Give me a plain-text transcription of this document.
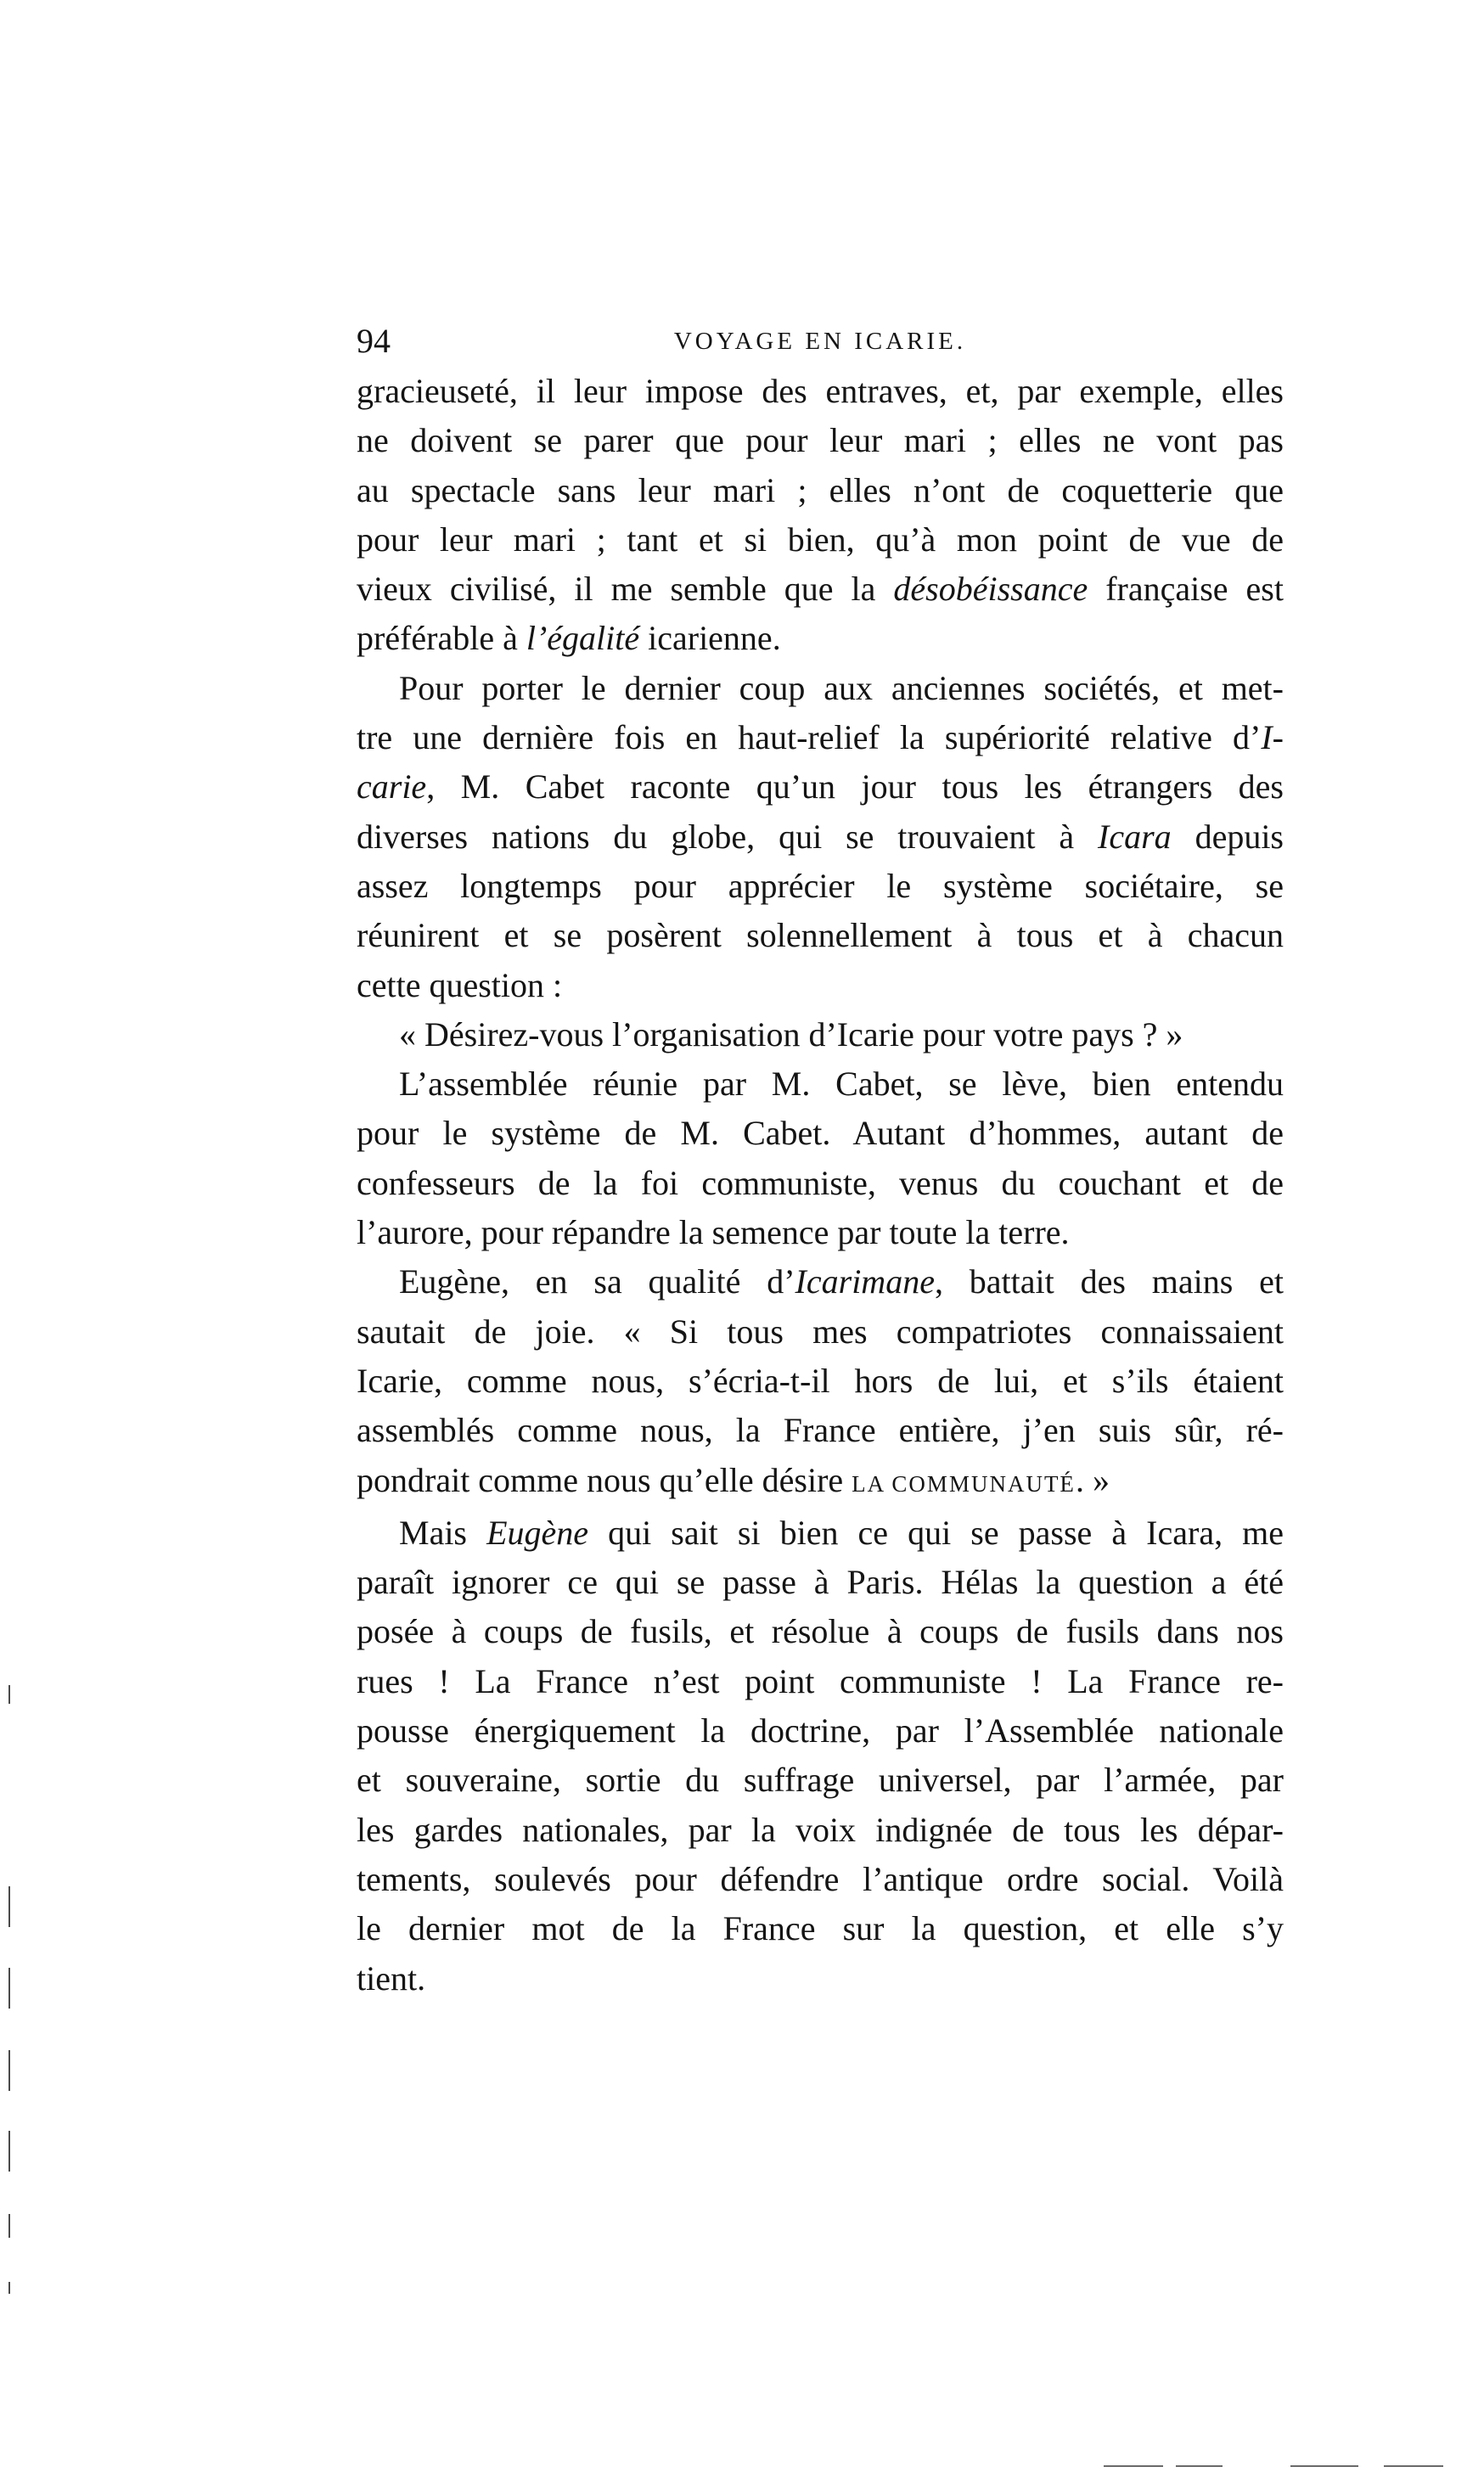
94	VOYAGE EN ICARIE.
gracieuseté, il leur impose des entraves, et, par exemple, elles
ne doivent se parer que pour leur mari ; elles ne vont pas
au spectacle sans leur mari ; elles n’ont de coquetterie que
pour leur mari ; tant et si bien, qu’à mon point de vue de
vieux civilisé, il me semble que la désobéissance française est
préférable à l’égalité icarienne.
Pour porter le dernier coup aux anciennes sociétés, et met-
tre une dernière fois en haut-relief la supériorité relative d’I-
carie, M. Cabet raconte qu’un jour tous les étrangers des
diverses nations du globe, qui se trouvaient à Icara depuis
assez longtemps pour apprécier le système sociétaire, se
réunirent et se posèrent solennellement à tous et à chacun
cette question :
« Désirez-vous l’organisation d’Icarie pour votre pays ? »
L’assemblée réunie par M. Cabet, se lève, bien entendu
pour le système de M. Cabet. Autant d’hommes, autant de
confesseurs de la foi communiste, venus du couchant et de
l’aurore, pour répandre la semence par toute la terre.
Eugène, en sa qualité d’Icarimane, battait des mains et
sautait de joie. « Si tous mes compatriotes connaissaient
Icarie, comme nous, s’écria-t-il hors de lui, et s’ils étaient
assemblés comme nous, la France entière, j’en suis sûr, ré-
pondrait comme nous qu’elle désire LA COMMUNAUTÉ. »
Mais Eugène qui sait si bien ce qui se passe à Icara, me
paraît ignorer ce qui se passe à Paris. Hélas la question a été
posée à coups de fusils, et résolue à coups de fusils dans nos
rues ! La France n’est point communiste ! La France re-
pousse énergiquement la doctrine, par l’Assemblée nationale
et souveraine, sortie du suffrage universel, par l’armée, par
les gardes nationales, par la voix indignée de tous les dépar-
tements, soulevés pour défendre l’antique ordre social. Voilà
le dernier mot de la France sur la question, et elle s’y
tient.
